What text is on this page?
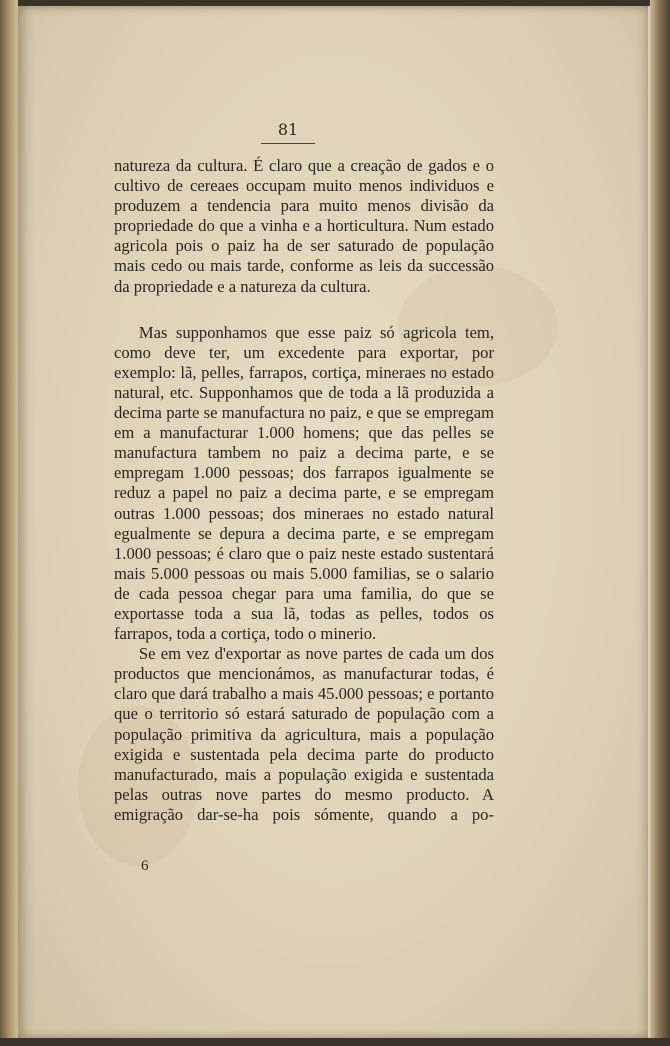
81

natureza da cultura. É claro que a creação de gados e o cultivo de cereaes occupam muito menos individuos e produzem a tendencia para muito menos divisão da propriedade do que a vinha e a horticultura. Num estado agricola pois o paiz ha de ser saturado de população mais cedo ou mais tarde, conforme as leis da successão da propriedade e a natureza da cultura.

Mas supponhamos que esse paiz só agricola tem, como deve ter, um excedente para exportar, por exemplo: lã, pelles, farrapos, cortiça, mineraes no estado natural, etc. Supponhamos que de toda a lã produzida a decima parte se manufactura no paiz, e que se empregam em a manufacturar 1.000 homens; que das pelles se manufactura tambem no paiz a decima parte, e se empregam 1.000 pessoas; dos farrapos igualmente se reduz a papel no paiz a decima parte, e se empregam outras 1.000 pessoas; dos mineraes no estado natural egualmente se depura a decima parte, e se empregam 1.000 pessoas; é claro que o paiz neste estado sustentará mais 5.000 pessoas ou mais 5.000 familias, se o salario de cada pessoa chegar para uma familia, do que se exportasse toda a sua lã, todas as pelles, todos os farrapos, toda a cortiça, todo o minerio.

Se em vez d'exportar as nove partes de cada um dos productos que mencionámos, as manufacturar todas, é claro que dará trabalho a mais 45.000 pessoas; e portanto que o territorio só estará saturado de população com a população primitiva da agricultura, mais a população exigida e sustentada pela decima parte do producto manufacturado, mais a população exigida e sustentada pelas outras nove partes do mesmo producto. A emigração dar-se-ha pois sómente, quando a po-

6
